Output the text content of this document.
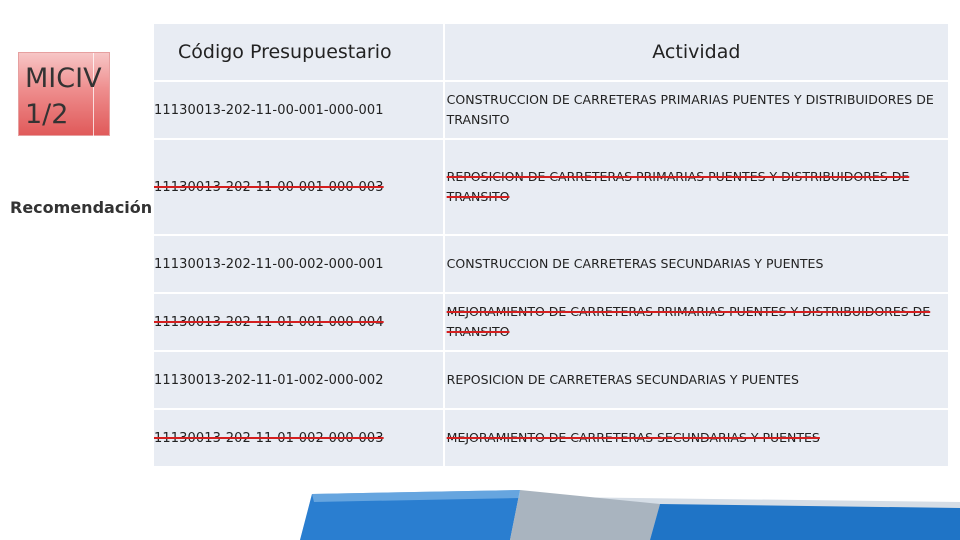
MICIV
1/2
Recomendación
Código Presupuestario	Actividad
11130013-202-11-00-001-000-001	CONSTRUCCION DE CARRETERAS PRIMARIAS PUENTES Y DISTRIBUIDORES DE TRANSITO
11130013-202-11-00-001-000-003	REPOSICION DE CARRETERAS PRIMARIAS PUENTES Y DISTRIBUIDORES DE TRANSITO
11130013-202-11-00-002-000-001	CONSTRUCCION DE CARRETERAS SECUNDARIAS Y PUENTES
11130013-202-11-01-001-000-004	MEJORAMIENTO DE CARRETERAS PRIMARIAS PUENTES Y DISTRIBUIDORES DE TRANSITO
11130013-202-11-01-002-000-002	REPOSICION DE CARRETERAS SECUNDARIAS Y PUENTES
11130013-202-11-01-002-000-003	MEJORAMIENTO DE CARRETERAS SECUNDARIAS Y PUENTES
